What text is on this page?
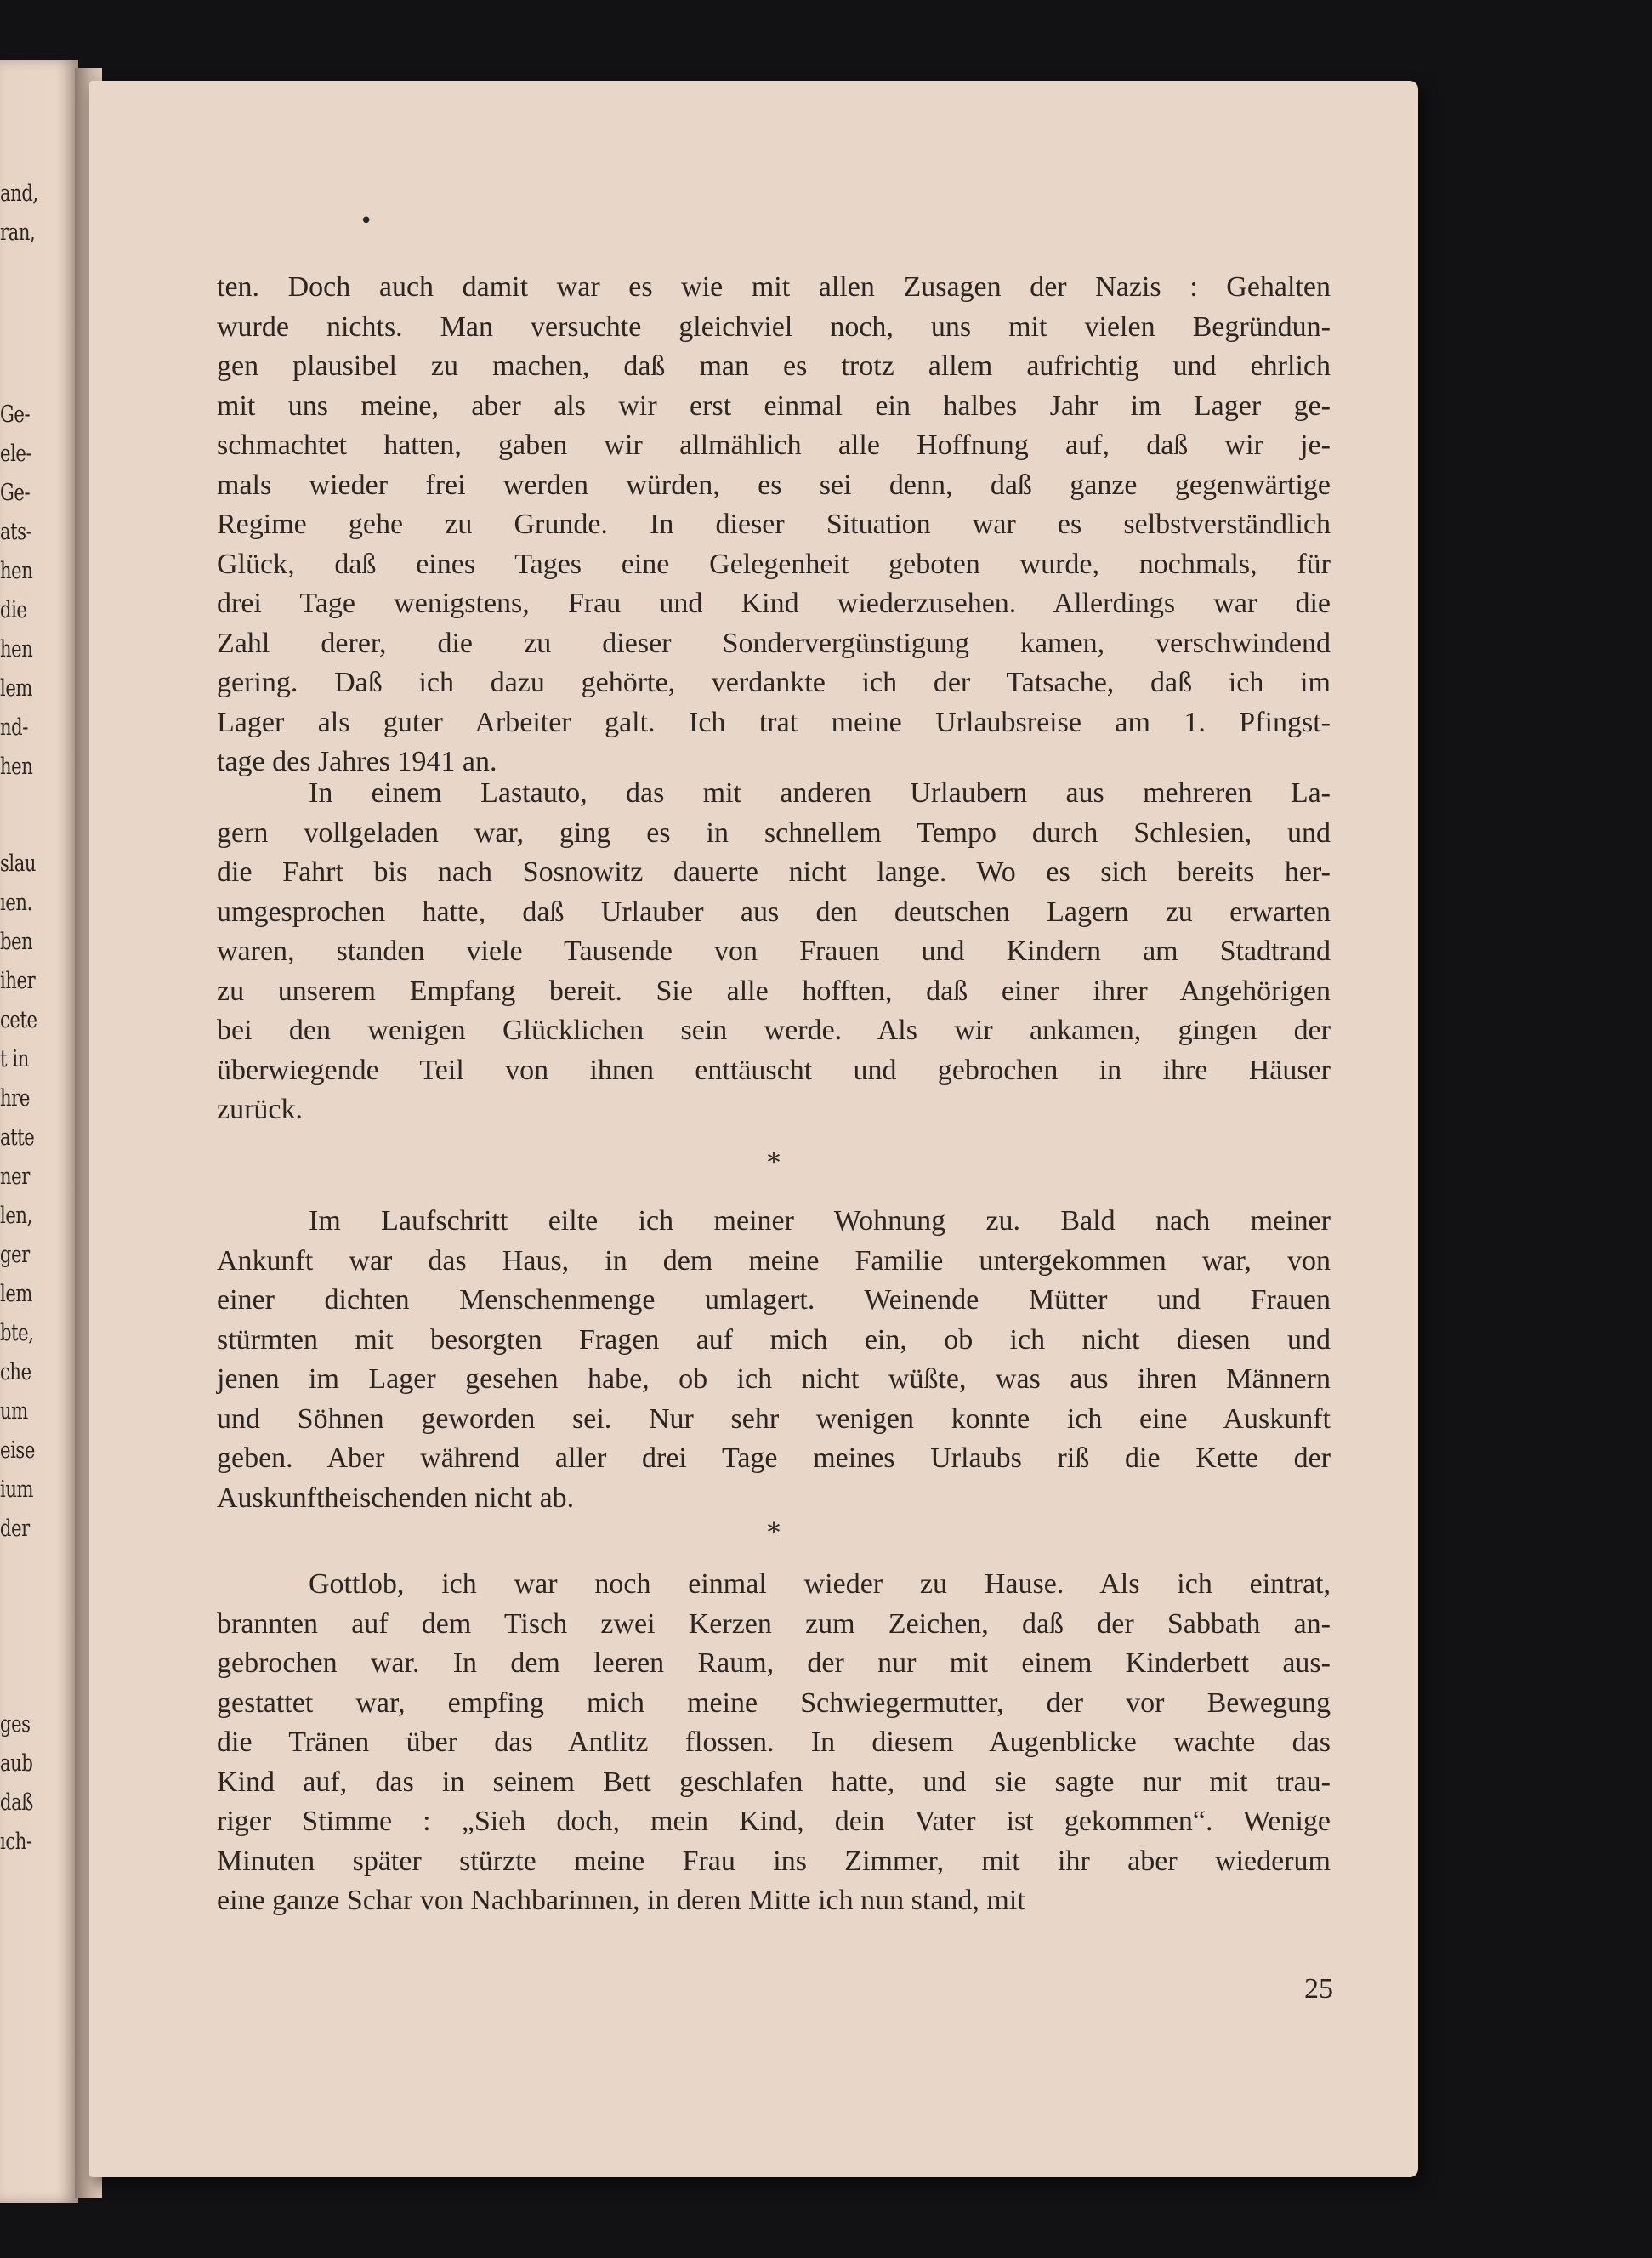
and,
ran,
Ge-
ele-
Ge-
ats-
hen
die
hen
lem
nd-
hen
slau
ıen.
ben
iher
cete
t in
hre
atte
ner
len,
ger
lem
bte,
che
um
eise
ium
der
ges
aub
daß
ıch-
•
ten. Doch auch damit war es wie mit allen Zusagen der Nazis : Gehalten
wurde nichts. Man versuchte gleichviel noch, uns mit vielen Begründun-
gen plausibel zu machen, daß man es trotz allem aufrichtig und ehrlich
mit uns meine, aber als wir erst einmal ein halbes Jahr im Lager ge-
schmachtet hatten, gaben wir allmählich alle Hoffnung auf, daß wir je-
mals wieder frei werden würden, es sei denn, daß ganze gegenwärtige
Regime gehe zu Grunde. In dieser Situation war es selbstverständlich
Glück, daß eines Tages eine Gelegenheit geboten wurde, nochmals, für
drei Tage wenigstens, Frau und Kind wiederzusehen. Allerdings war die
Zahl derer, die zu dieser Sondervergünstigung kamen, verschwindend
gering. Daß ich dazu gehörte, verdankte ich der Tatsache, daß ich im
Lager als guter Arbeiter galt. Ich trat meine Urlaubsreise am 1. Pfingst-
tage des Jahres 1941 an.
In einem Lastauto, das mit anderen Urlaubern aus mehreren La-
gern vollgeladen war, ging es in schnellem Tempo durch Schlesien, und
die Fahrt bis nach Sosnowitz dauerte nicht lange. Wo es sich bereits her-
umgesprochen hatte, daß Urlauber aus den deutschen Lagern zu erwarten
waren, standen viele Tausende von Frauen und Kindern am Stadtrand
zu unserem Empfang bereit. Sie alle hofften, daß einer ihrer Angehörigen
bei den wenigen Glücklichen sein werde. Als wir ankamen, gingen der
überwiegende Teil von ihnen enttäuscht und gebrochen in ihre Häuser
zurück.
Im Laufschritt eilte ich meiner Wohnung zu. Bald nach meiner
Ankunft war das Haus, in dem meine Familie untergekommen war, von
einer dichten Menschenmenge umlagert. Weinende Mütter und Frauen
stürmten mit besorgten Fragen auf mich ein, ob ich nicht diesen und
jenen im Lager gesehen habe, ob ich nicht wüßte, was aus ihren Männern
und Söhnen geworden sei. Nur sehr wenigen konnte ich eine Auskunft
geben. Aber während aller drei Tage meines Urlaubs riß die Kette der
Auskunftheischenden nicht ab.
Gottlob, ich war noch einmal wieder zu Hause. Als ich eintrat,
brannten auf dem Tisch zwei Kerzen zum Zeichen, daß der Sabbath an-
gebrochen war. In dem leeren Raum, der nur mit einem Kinderbett aus-
gestattet war, empfing mich meine Schwiegermutter, der vor Bewegung
die Tränen über das Antlitz flossen. In diesem Augenblicke wachte das
Kind auf, das in seinem Bett geschlafen hatte, und sie sagte nur mit trau-
riger Stimme : „Sieh doch, mein Kind, dein Vater ist gekommen“. Wenige
Minuten später stürzte meine Frau ins Zimmer, mit ihr aber wiederum
eine ganze Schar von Nachbarinnen, in deren Mitte ich nun stand, mit
*
*
25
